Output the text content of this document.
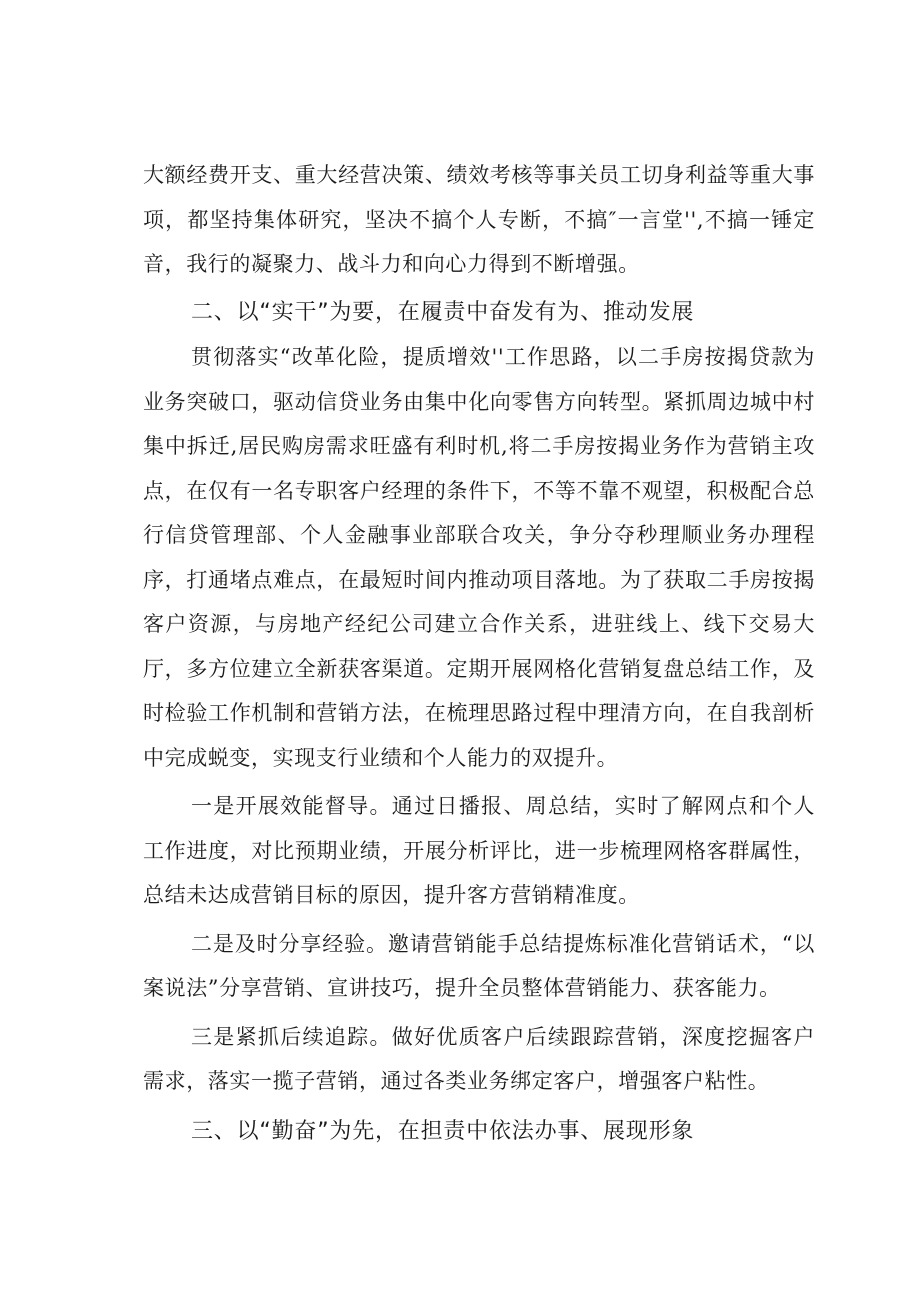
大额经费开支、重大经营决策、绩效考核等事关员工切身利益等重大事项，都坚持集体研究，坚决不搞个人专断，不搞″一言堂'',不搞一锤定音，我行的凝聚力、战斗力和向心力得到不断增强。

二、以“实干”为要，在履责中奋发有为、推动发展

贯彻落实“改革化险，提质增效''工作思路，以二手房按揭贷款为业务突破口，驱动信贷业务由集中化向零售方向转型。紧抓周边城中村集中拆迁,居民购房需求旺盛有利时机,将二手房按揭业务作为营销主攻点，在仅有一名专职客户经理的条件下，不等不靠不观望，积极配合总行信贷管理部、个人金融事业部联合攻关，争分夺秒理顺业务办理程序，打通堵点难点，在最短时间内推动项目落地。为了获取二手房按揭客户资源，与房地产经纪公司建立合作关系，进驻线上、线下交易大厅，多方位建立全新获客渠道。定期开展网格化营销复盘总结工作，及时检验工作机制和营销方法，在梳理思路过程中理清方向，在自我剖析中完成蜕变，实现支行业绩和个人能力的双提升。

一是开展效能督导。通过日播报、周总结，实时了解网点和个人工作进度，对比预期业绩，开展分析评比，进一步梳理网格客群属性，总结未达成营销目标的原因，提升客方营销精准度。

二是及时分享经验。邀请营销能手总结提炼标准化营销话术，“以案说法”分享营销、宣讲技巧，提升全员整体营销能力、获客能力。

三是紧抓后续追踪。做好优质客户后续跟踪营销，深度挖掘客户需求，落实一揽子营销，通过各类业务绑定客户，增强客户粘性。

三、以“勤奋”为先，在担责中依法办事、展现形象
